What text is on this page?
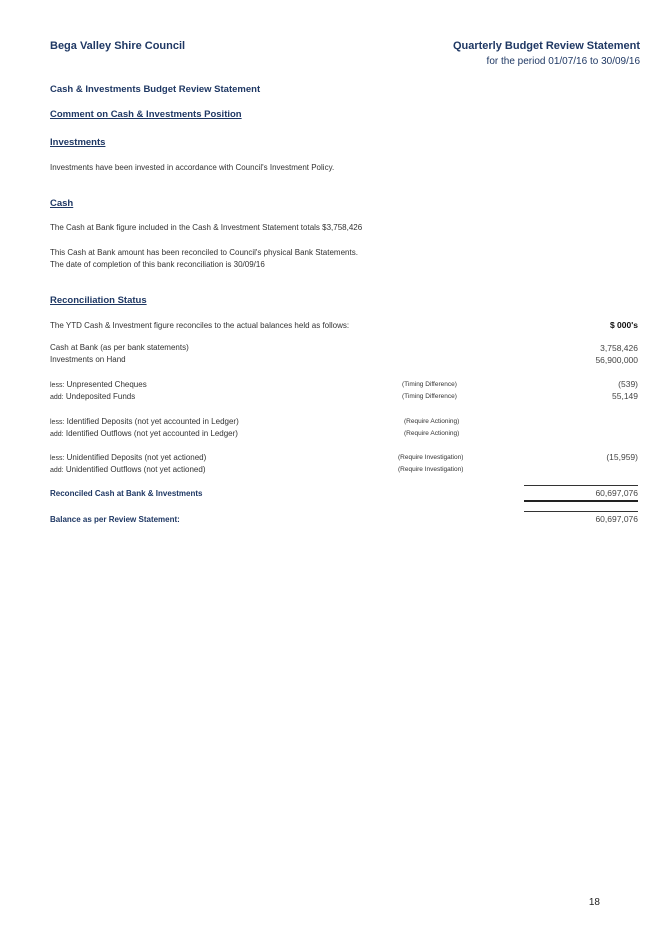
Bega Valley Shire Council	Quarterly Budget Review Statement
for the period 01/07/16 to 30/09/16
Cash & Investments Budget Review Statement
Comment on Cash & Investments Position
Investments
Investments have been invested in accordance with Council's Investment Policy.
Cash
The Cash at Bank figure included in the Cash & Investment Statement totals $3,758,426
This Cash at Bank amount has been reconciled to Council's physical Bank Statements.
The date of completion of this bank reconciliation is 30/09/16
Reconciliation Status
The YTD Cash & Investment figure reconciles to the actual balances held as follows:	$ 000's
Cash at Bank (as per bank statements)	3,758,426
Investments on Hand	56,900,000
less: Unpresented Cheques	(Timing Difference)	(539)
add: Undeposited Funds	(Timing Difference)	55,149
less: Identified Deposits (not yet accounted in Ledger)	(Require Actioning)
add: Identified Outflows (not yet accounted in Ledger)	(Require Actioning)
less: Unidentified Deposits (not yet actioned)	(Require Investigation)	(15,959)
add: Unidentified Outflows (not yet actioned)	(Require Investigation)
Reconciled Cash at Bank & Investments	60,697,076
Balance as per Review Statement:	60,697,076
18
